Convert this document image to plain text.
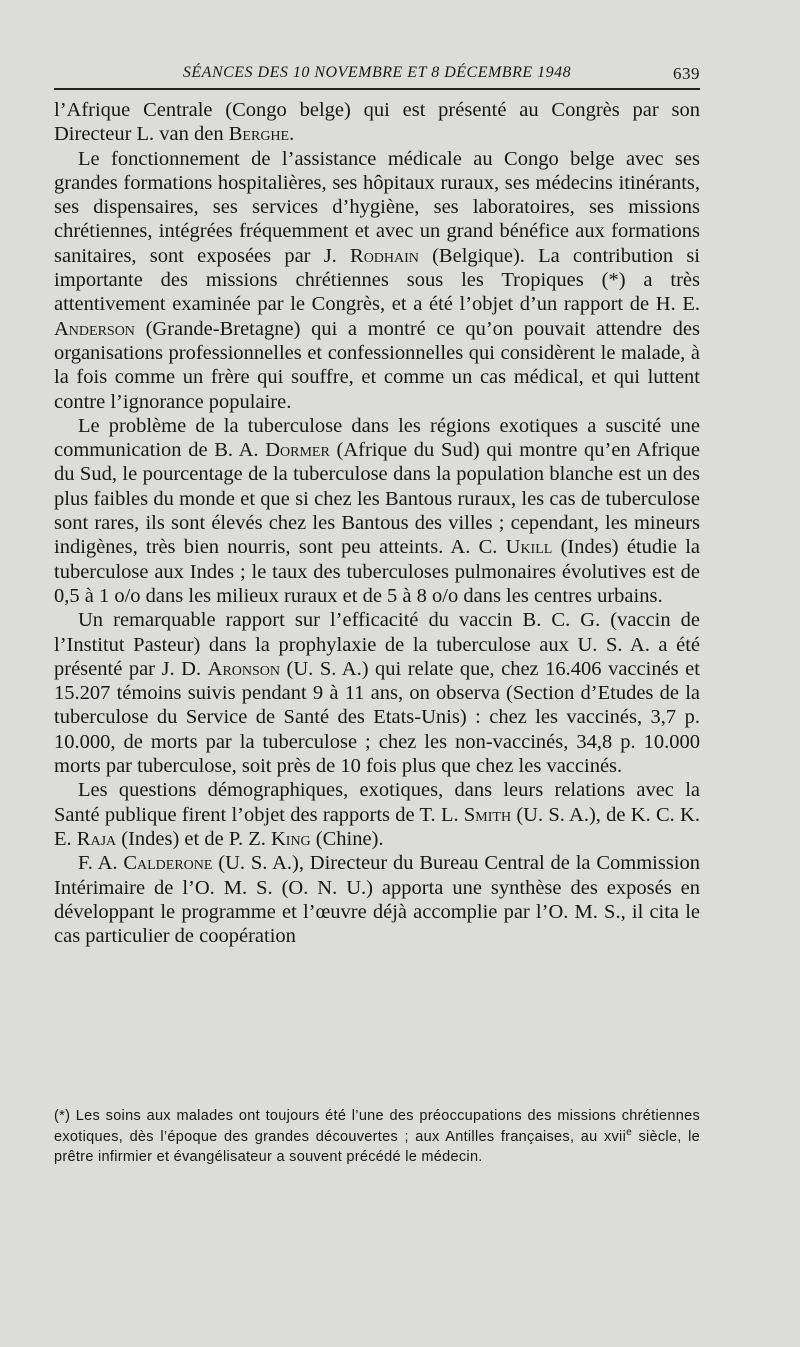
SÉANCES DES 10 NOVEMBRE ET 8 DÉCEMBRE 1948	639

l’Afrique Centrale (Congo belge) qui est présenté au Congrès par son Directeur L. van den Berghe.

Le fonctionnement de l’assistance médicale au Congo belge avec ses grandes formations hospitalières, ses hôpitaux ruraux, ses médecins itinérants, ses dispensaires, ses services d’hygiène, ses laboratoires, ses missions chrétiennes, intégrées fréquemment et avec un grand bénéfice aux formations sanitaires, sont exposées par J. Rodhain (Belgique). La contribution si importante des missions chrétiennes sous les Tropiques (*) a très attentivement examinée par le Congrès, et a été l’objet d’un rapport de H. E. Anderson (Grande-Bretagne) qui a montré ce qu’on pouvait attendre des organisations professionnelles et confessionnelles qui considèrent le malade, à la fois comme un frère qui souffre, et comme un cas médical, et qui luttent contre l’ignorance populaire.

Le problème de la tuberculose dans les régions exotiques a suscité une communication de B. A. Dormer (Afrique du Sud) qui montre qu’en Afrique du Sud, le pourcentage de la tuberculose dans la population blanche est un des plus faibles du monde et que si chez les Bantous ruraux, les cas de tuberculose sont rares, ils sont élevés chez les Bantous des villes ; cependant, les mineurs indigènes, très bien nourris, sont peu atteints. A. C. Ukill (Indes) étudie la tuberculose aux Indes ; le taux des tuberculoses pulmonaires évolutives est de 0,5 à 1 o/o dans les milieux ruraux et de 5 à 8 o/o dans les centres urbains.

Un remarquable rapport sur l’efficacité du vaccin B. C. G. (vaccin de l’Institut Pasteur) dans la prophylaxie de la tuberculose aux U. S. A. a été présenté par J. D. Aronson (U. S. A.) qui relate que, chez 16.406 vaccinés et 15.207 témoins suivis pendant 9 à 11 ans, on observa (Section d’Etudes de la tuberculose du Service de Santé des Etats-Unis) : chez les vaccinés, 3,7 p. 10.000, de morts par la tuberculose ; chez les non-vaccinés, 34,8 p. 10.000 morts par tuberculose, soit près de 10 fois plus que chez les vaccinés.

Les questions démographiques, exotiques, dans leurs relations avec la Santé publique firent l’objet des rapports de T. L. Smith (U. S. A.), de K. C. K. E. Raja (Indes) et de P. Z. King (Chine).

F. A. Calderone (U. S. A.), Directeur du Bureau Central de la Commission Intérimaire de l’O. M. S. (O. N. U.) apporta une synthèse des exposés en développant le programme et l’œuvre déjà accomplie par l’O. M. S., il cita le cas particulier de coopération

(*) Les soins aux malades ont toujours été l’une des préoccupations des missions chrétiennes exotiques, dès l’époque des grandes découvertes ; aux Antilles françaises, au xvii$^e$ siècle, le prêtre infirmier et évangélisateur a souvent précédé le médecin.
